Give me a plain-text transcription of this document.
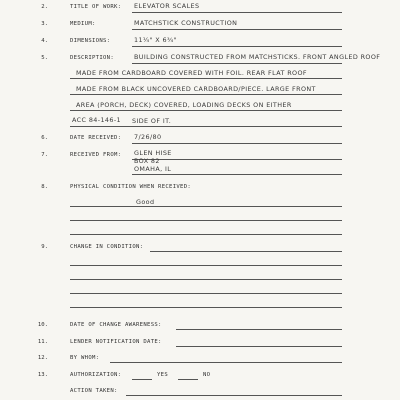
2.	TITLE OF WORK: ELEVATOR SCALES
3.	MEDIUM:	MATCHSTICK CONSTRUCTION
4.	DIMENSIONS:	11¼" X 6¾"
5.	DESCRIPTION:	BUILDING CONSTRUCTED FROM MATCHSTICKS. FRONT ANGLED ROOF
MADE FROM CARDBOARD COVERED WITH FOIL. REAR FLAT ROOF
MADE FROM BLACK UNCOVERED CARDBOARD/PIECE. LARGE FRONT
AREA (PORCH, DECK) COVERED, LOADING DECKS ON EITHER
ACC 84-146-1 SIDE OF IT.
6.	DATE RECEIVED: 7/26/80
7.	RECEIVED FROM: GLEN HISE
BOX 82
OMAHA, IL
8.	PHYSICAL CONDITION WHEN RECEIVED:
Good
9.	CHANGE IN CONDITION:
10.	DATE OF CHANGE AWARENESS:
11.	LENDER NOTIFICATION DATE:
12.	BY WHOM:
13.	AUTHORIZATION:	YES	NO
ACTION TAKEN:
